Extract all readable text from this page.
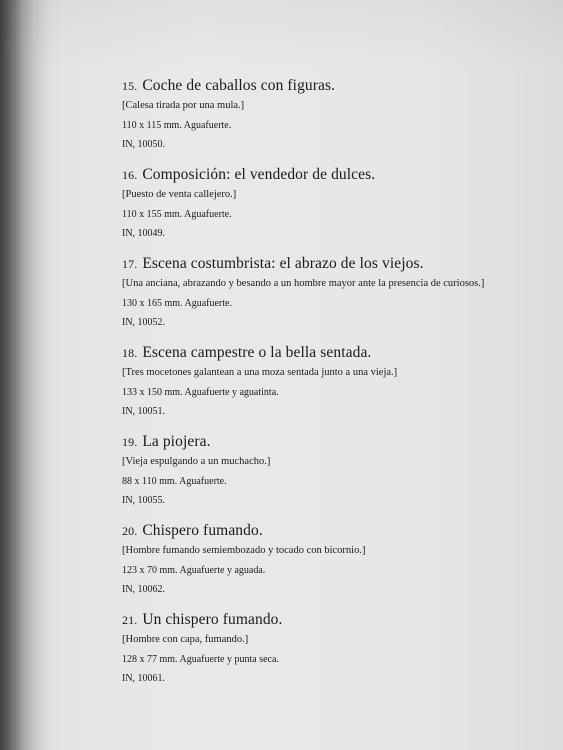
15. Coche de caballos con figuras.
[Calesa tirada por una mula.]
110 x 115 mm. Aguafuerte.
IN, 10050.
16. Composición: el vendedor de dulces.
[Puesto de venta callejero.]
110 x 155 mm. Aguafuerte.
IN, 10049.
17. Escena costumbrista: el abrazo de los viejos.
[Una anciana, abrazando y besando a un hombre mayor ante la presencia de curiosos.]
130 x 165 mm. Aguafuerte.
IN, 10052.
18. Escena campestre o la bella sentada.
[Tres mocetones galantean a una moza sentada junto a una vieja.]
133 x 150 mm. Aguafuerte y aguatinta.
IN, 10051.
19. La piojera.
[Vieja espulgando a un muchacho.]
88 x 110 mm. Aguafuerte.
IN, 10055.
20. Chispero fumando.
[Hombre fumando semiembozado y tocado con bicornio.]
123 x 70 mm. Aguafuerte y aguada.
IN, 10062.
21. Un chispero fumando.
[Hombre con capa, fumando.]
128 x 77 mm. Aguafuerte y punta seca.
IN, 10061.
